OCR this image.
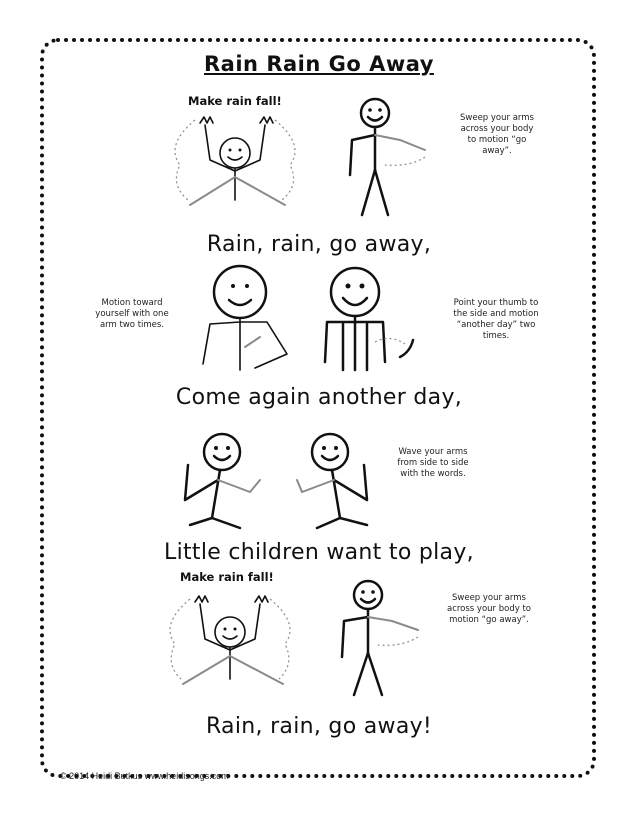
Rain Rain Go Away
Make rain fall!
Sweep your arms across your body to motion “go away”.
Rain, rain, go away,
Motion toward yourself with one arm two times.
Point your thumb to the side and motion “another day” two times.
Come again another day,
Wave your arms from side to side with the words.
Little children want to play,
Make rain fall!
Sweep your arms across your body to motion “go away”.
Rain, rain, go away!
© 2014 Heidi Butkus www.heidisongs.com
